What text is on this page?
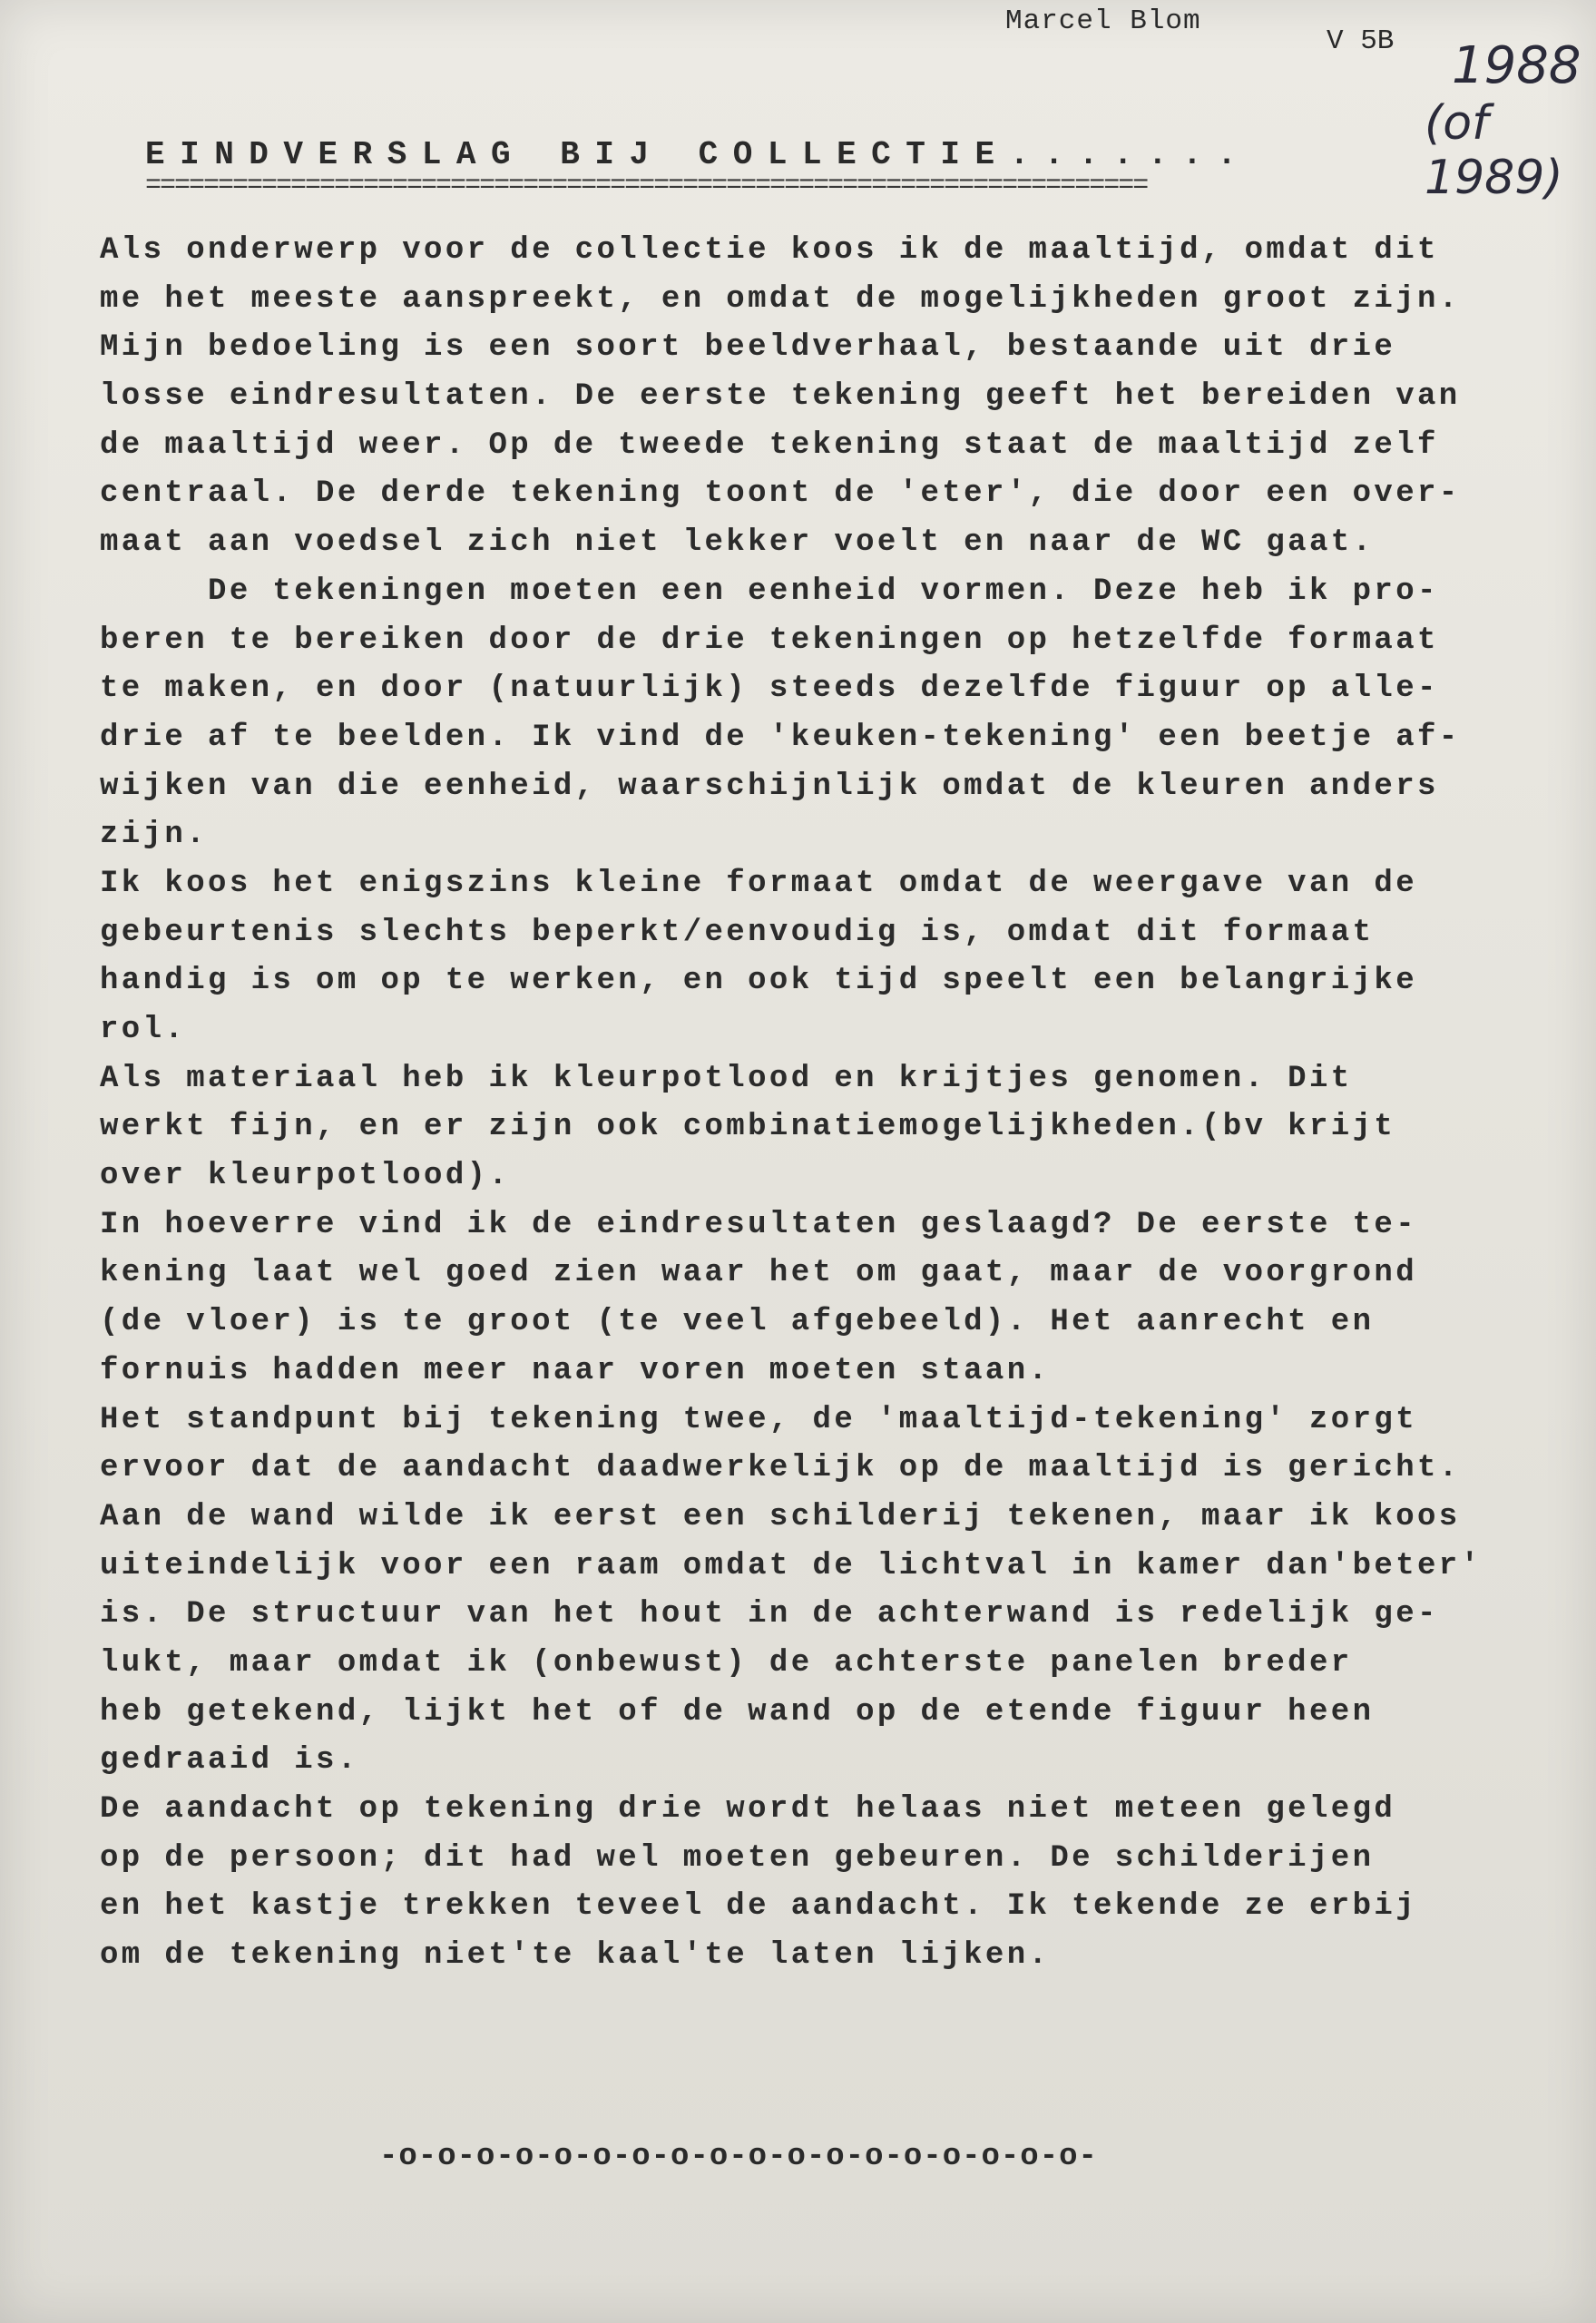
Marcel Blom
V 5B 1988
(of 1989)
EINDVERSLAG BIJ COLLECTIE.......
=====================================================================
Als onderwerp voor de collectie koos ik de maaltijd, omdat dit
me het meeste aanspreekt, en omdat de mogelijkheden groot zijn.
Mijn bedoeling is een soort beeldverhaal, bestaande uit drie
losse eindresultaten. De eerste tekening geeft het bereiden van
de maaltijd weer. Op de tweede tekening staat de maaltijd zelf
centraal. De derde tekening toont de 'eter', die door een over-
maat aan voedsel zich niet lekker voelt en naar de WC gaat.
De tekeningen moeten een eenheid vormen. Deze heb ik pro-
beren te bereiken door de drie tekeningen op hetzelfde formaat
te maken, en door (natuurlijk) steeds dezelfde figuur op alle-
drie af te beelden. Ik vind de 'keuken-tekening' een beetje af-
wijken van die eenheid, waarschijnlijk omdat de kleuren anders
zijn.
Ik koos het enigszins kleine formaat omdat de weergave van de
gebeurtenis slechts beperkt/eenvoudig is, omdat dit formaat
handig is om op te werken, en ook tijd speelt een belangrijke
rol.
Als materiaal heb ik kleurpotlood en krijtjes genomen. Dit
werkt fijn, en er zijn ook combinatiemogelijkheden.(bv krijt
over kleurpotlood).
In hoeverre vind ik de eindresultaten geslaagd? De eerste te-
kening laat wel goed zien waar het om gaat, maar de voorgrond
(de vloer) is te groot (te veel afgebeeld). Het aanrecht en
fornuis hadden meer naar voren moeten staan.
Het standpunt bij tekening twee, de 'maaltijd-tekening' zorgt
ervoor dat de aandacht daadwerkelijk op de maaltijd is gericht.
Aan de wand wilde ik eerst een schilderij tekenen, maar ik koos
uiteindelijk voor een raam omdat de lichtval in kamer dan'beter'
is. De structuur van het hout in de achterwand is redelijk ge-
lukt, maar omdat ik (onbewust) de achterste panelen breder
heb getekend, lijkt het of de wand op de etende figuur heen
gedraaid is.
De aandacht op tekening drie wordt helaas niet meteen gelegd
op de persoon; dit had wel moeten gebeuren. De schilderijen
en het kastje trekken teveel de aandacht. Ik tekende ze erbij
om de tekening niet'te kaal'te laten lijken.
-o-o-o-o-o-o-o-o-o-o-o-o-o-o-o-o-o-o-
